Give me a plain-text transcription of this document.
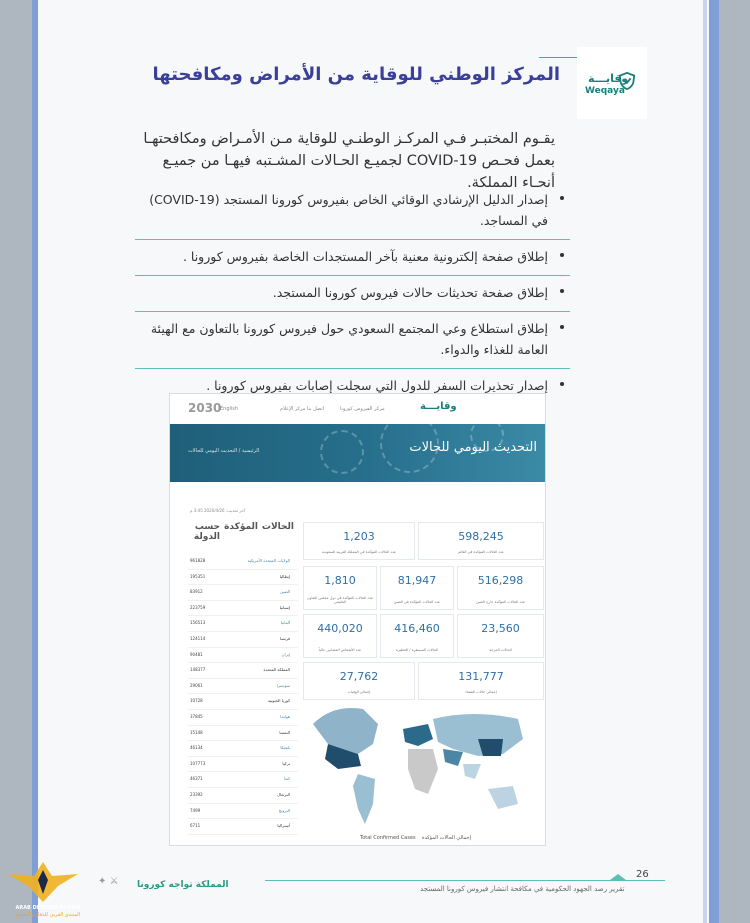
وقايـــة
Weqaya
المركز الوطني للوقاية من الأمراض ومكافحتها
يقـوم المختبـر فـي المركـز الوطنـي للوقاية مـن الأمـراض ومكافحتهـا بعمل فحـص COVID-19 لجميـع الحـالات المشـتبه فيهـا من جميـع أنحـاء المملكة.
إصدار الدليل الإرشادي الوقائي الخاص بفيروس كورونا المستجد (COVID-19) في المساجد.
إطلاق صفحة إلكترونية معنية بآخر المستجدات الخاصة بفيروس كورونا .
إطلاق صفحة تحديثات حالات فيروس كورونا المستجد.
إطلاق استطلاع وعي المجتمع السعودي حول فيروس كورونا بالتعاون مع الهيئة العامة للغذاء والدواء.
إصدار تحذيرات السفر للدول التي سجلت إصابات بفيروس كورونا .
2030
English	اتصل بنا مركز الإعلام	مركز الفيروس كورونا	وقايـــة
التحديث اليومي للحالات
الرئيسية / التحديث اليومي للحالات
آخر تحديث: 2020/4/26 3:45 م
الحالات
المؤكدة
حسب الدولة
الولايات المتحدة الأمريكية
961828
إيطاليا
195351
الصين
83912
إسبانيا
223759
ألمانيا
156513
فرنسا
124114
إيران
90481
المملكة المتحدة
148377
سويسرا
29061
كوريا الجنوبية
10728
هولندا
37845
النمسا
15148
بلجيكا
46134
تركيا
107773
كندا
46371
البرتغال
23392
النرويج
7499
أستراليا
6711
598,245
عدد الحالات المؤكدة في العالم
1,203
عدد الحالات المؤكدة في المملكة العربية السعودية
516,298
عدد الحالات المؤكدة خارج الصين
81,947
عدد الحالات المؤكدة في الصين
1,810
عدد الحالات المؤكدة في دول مجلس التعاون الخليجي
23,560
الحالات الحرجة
416,460
الحالات المستقرة / الخطيرة
440,020
عدد الأشخاص المصابين حالياً
131,777
إجمالي حالات الشفاء
27,762
إجمالي الوفيات
Total Confirmed Cases إجمالي الحالات المؤكدة
26
تقرير رصد الجهود الحكومية في مكافحة انتشار فيروس كورونا المستجد
المملكة تواجه كورونا
✦ ⚔
ARAB DEFENSE FORUM
المنتدى العربي للدفاع والتسليح
